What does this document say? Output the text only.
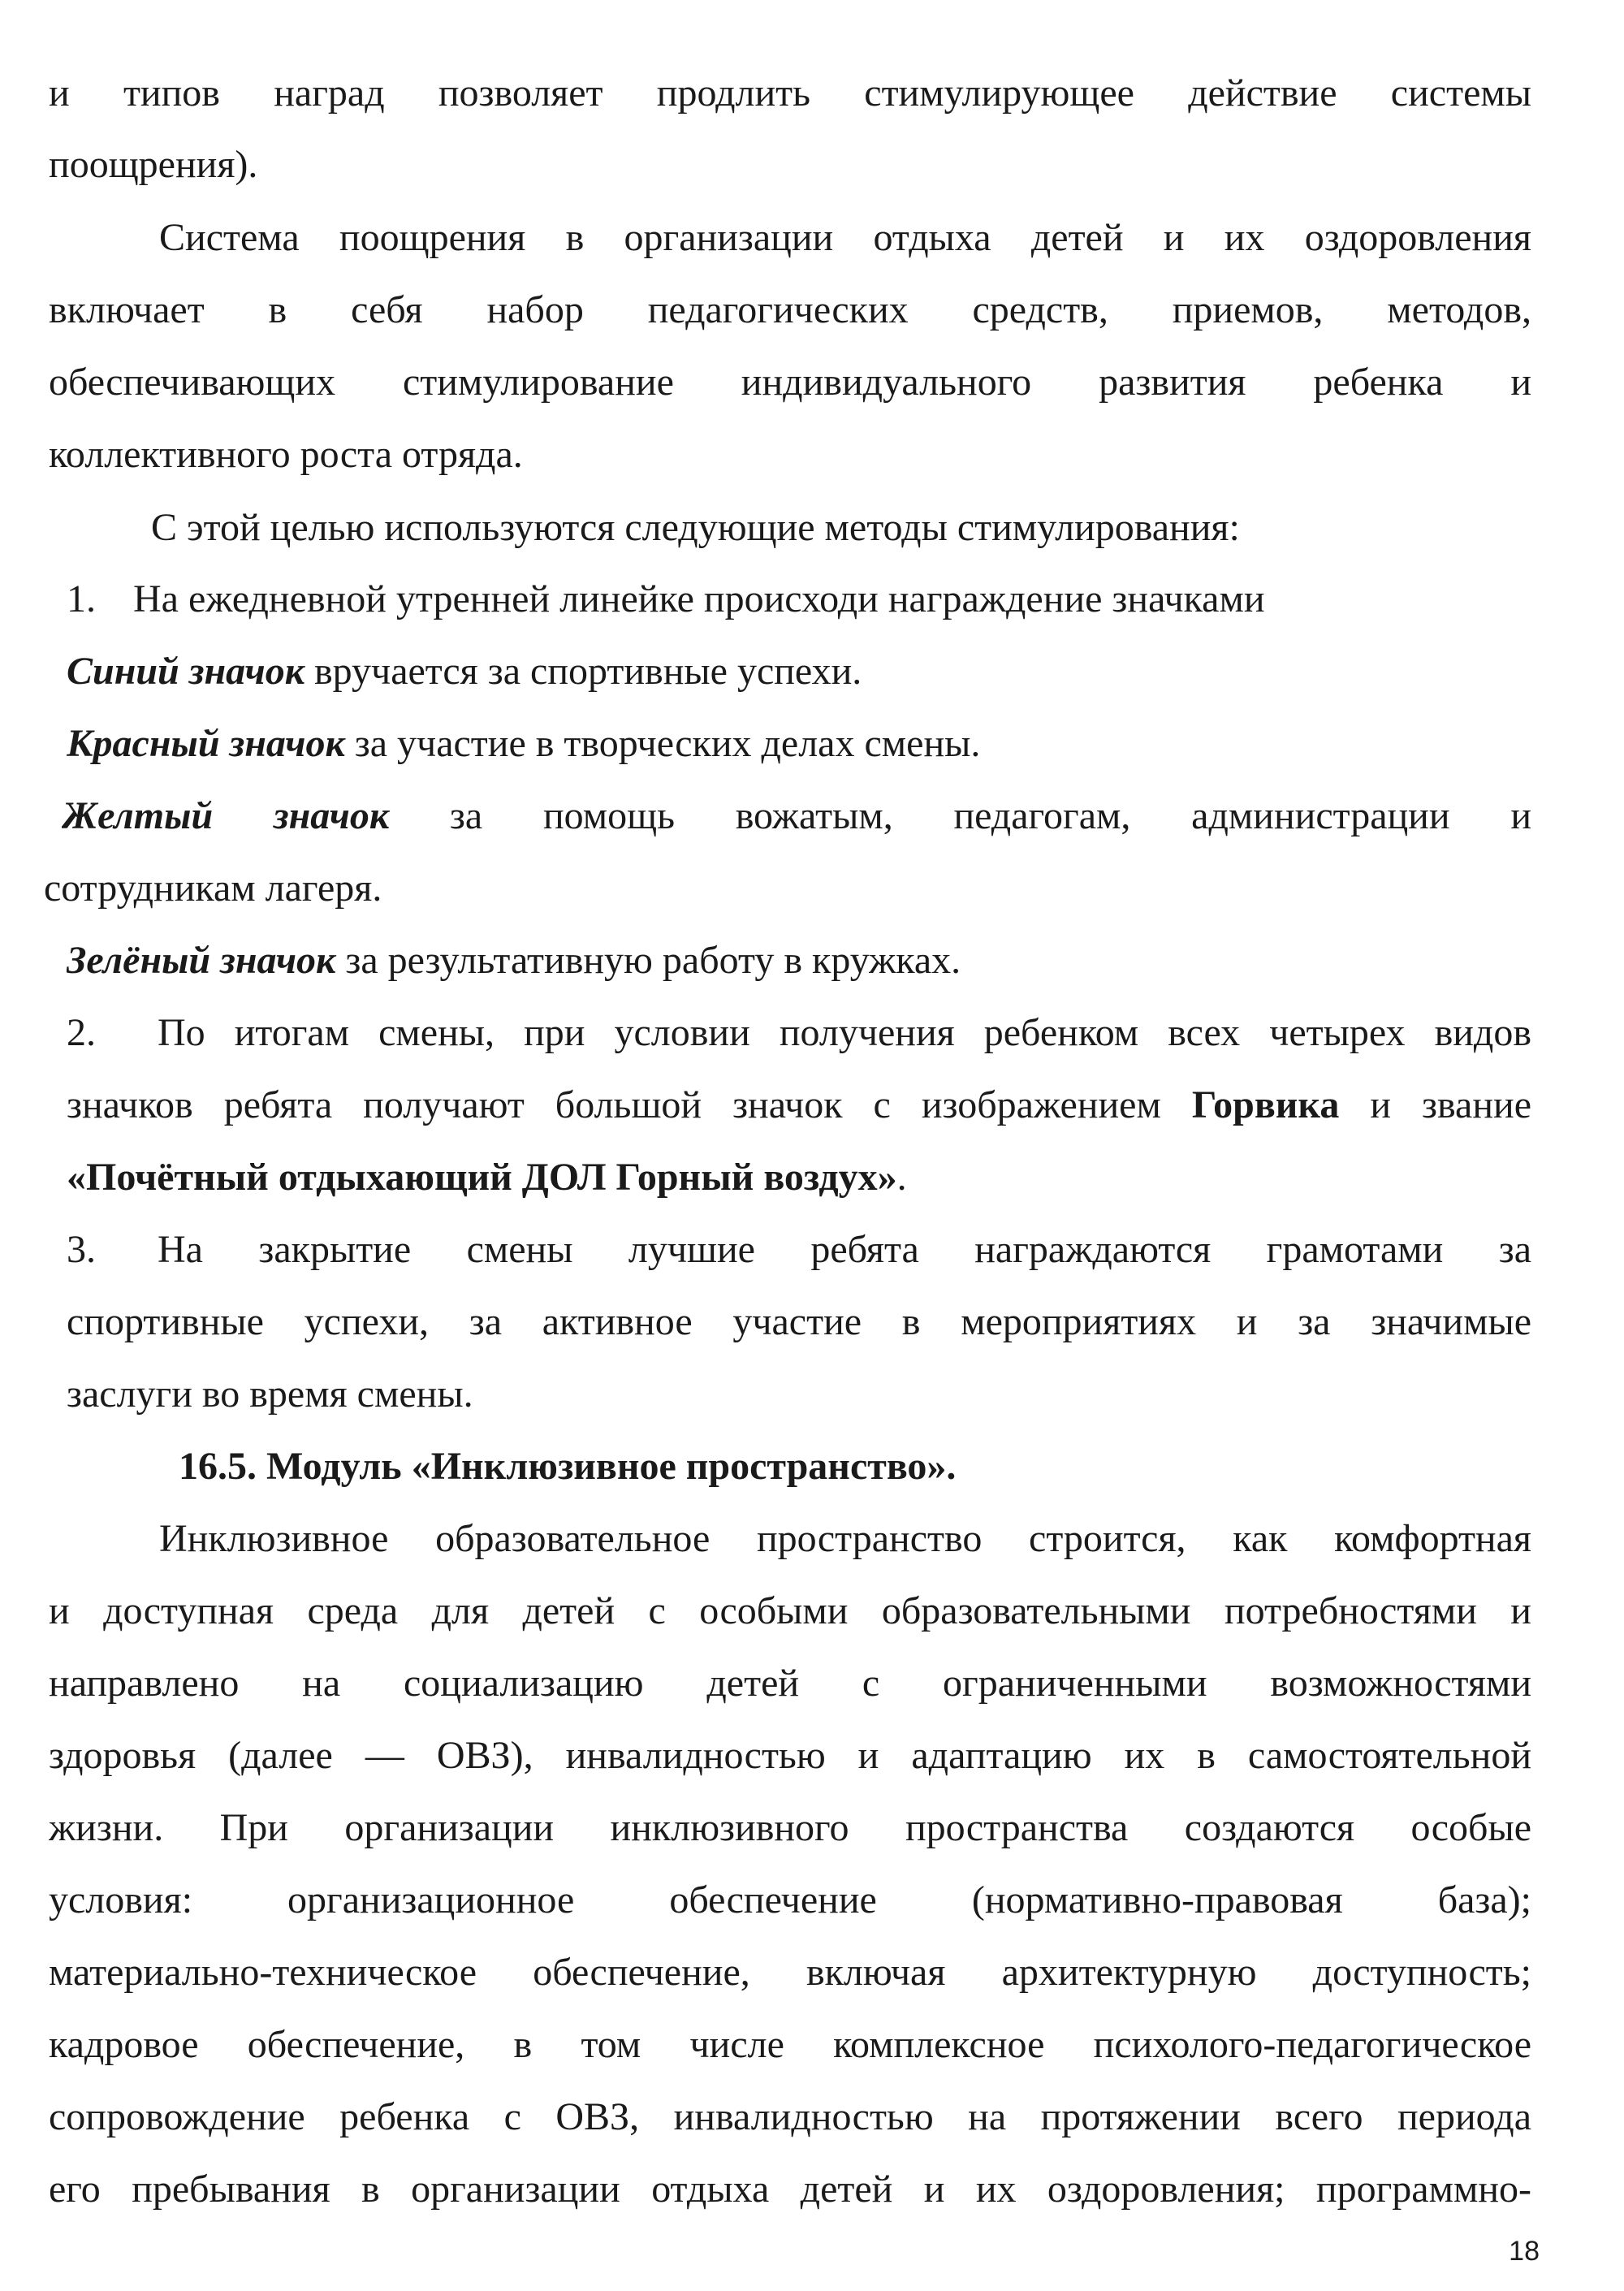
и типов наград позволяет продлить стимулирующее действие системы
поощрения).
Система поощрения в организации отдыха детей и их оздоровления
включает в себя набор педагогических средств, приемов, методов,
обеспечивающих стимулирование индивидуального развития ребенка и
коллективного роста отряда.
С этой целью используются следующие методы стимулирования:
1. На ежедневной утренней линейке происходи награждение значками
Синий значок вручается за спортивные успехи.
Красный значок за участие в творческих делах смены.
Желтый значок за помощь вожатым, педагогам, администрации и
сотрудникам лагеря.
Зелёный значок за результативную работу в кружках.
2.	По итогам смены, при условии получения ребенком всех четырех видов
значков ребята получают большой значок с изображением Горвика и звание
«Почётный отдыхающий ДОЛ Горный воздух».
3.	На закрытие смены лучшие ребята награждаются грамотами за
спортивные успехи, за активное участие в мероприятиях и за значимые
заслуги во время смены.
16.5. Модуль «Инклюзивное пространство».
Инклюзивное образовательное пространство строится, как комфортная
и доступная среда для детей с особыми образовательными потребностями и
направлено на социализацию детей с ограниченными возможностями
здоровья (далее — ОВЗ), инвалидностью и адаптацию их в самостоятельной
жизни. При организации инклюзивного пространства создаются особые
условия: организационное обеспечение (нормативно-правовая база);
материально-техническое обеспечение, включая архитектурную доступность;
кадровое обеспечение, в том числе комплексное психолого-педагогическое
сопровождение ребенка с ОВЗ, инвалидностью на протяжении всего периода
его пребывания в организации отдыха детей и их оздоровления; программно-
18
